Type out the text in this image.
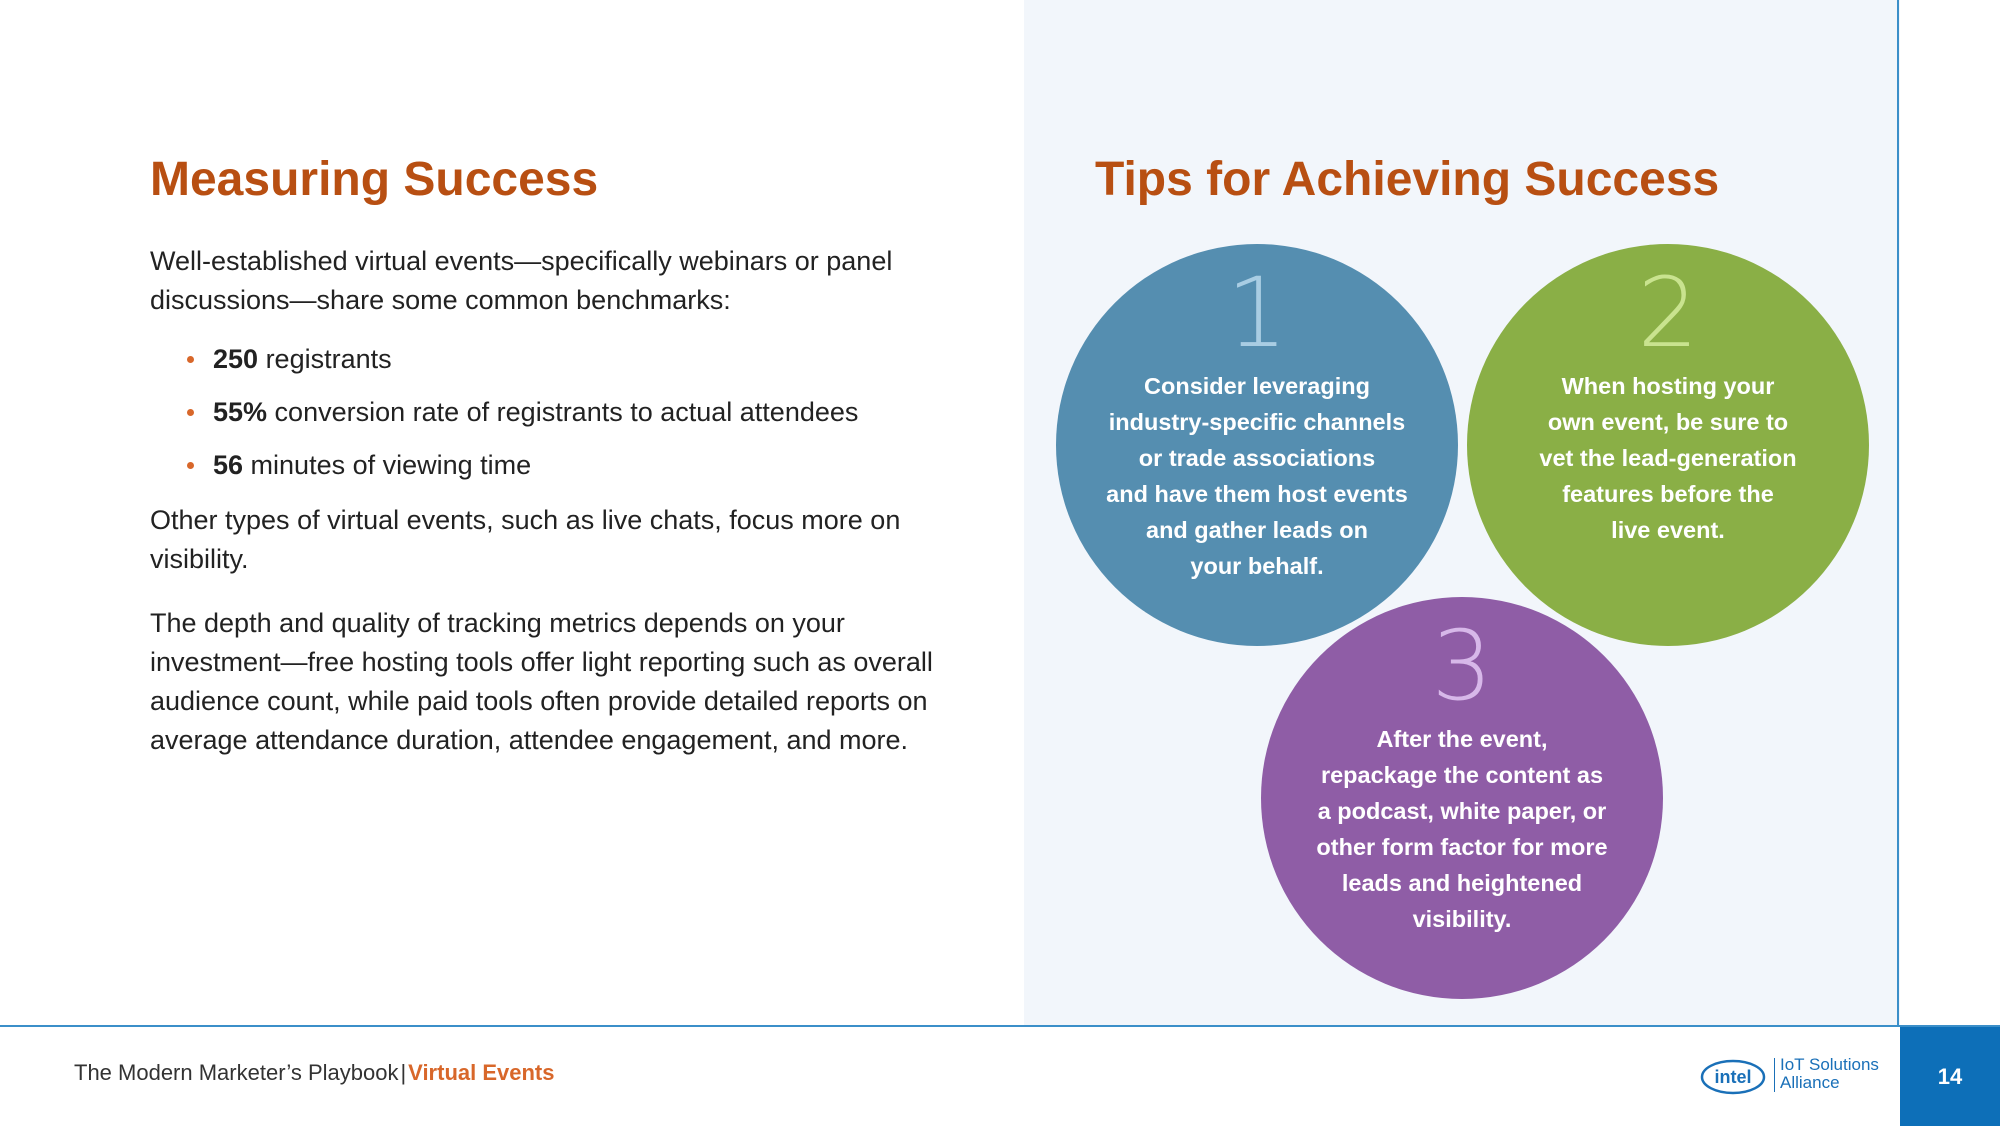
Measuring Success

Well-established virtual events—specifically webinars or panel discussions—share some common benchmarks:

250 registrants
55% conversion rate of registrants to actual attendees
56 minutes of viewing time

Other types of virtual events, such as live chats, focus more on visibility.

The depth and quality of tracking metrics depends on your investment—free hosting tools offer light reporting such as overall audience count, while paid tools often provide detailed reports on average attendance duration, attendee engagement, and more.

Tips for Achieving Success
1
Consider leveraging
industry-specific channels
or trade associations
and have them host events
and gather leads on
your behalf.
2
When hosting your
own event, be sure to
vet the lead-generation
features before the
live event.
3
After the event,
repackage the content as
a podcast, white paper, or
other form factor for more
leads and heightened
visibility.
The Modern Marketer’s Playbook|Virtual Events	intel
IoT Solutions
Alliance	14
